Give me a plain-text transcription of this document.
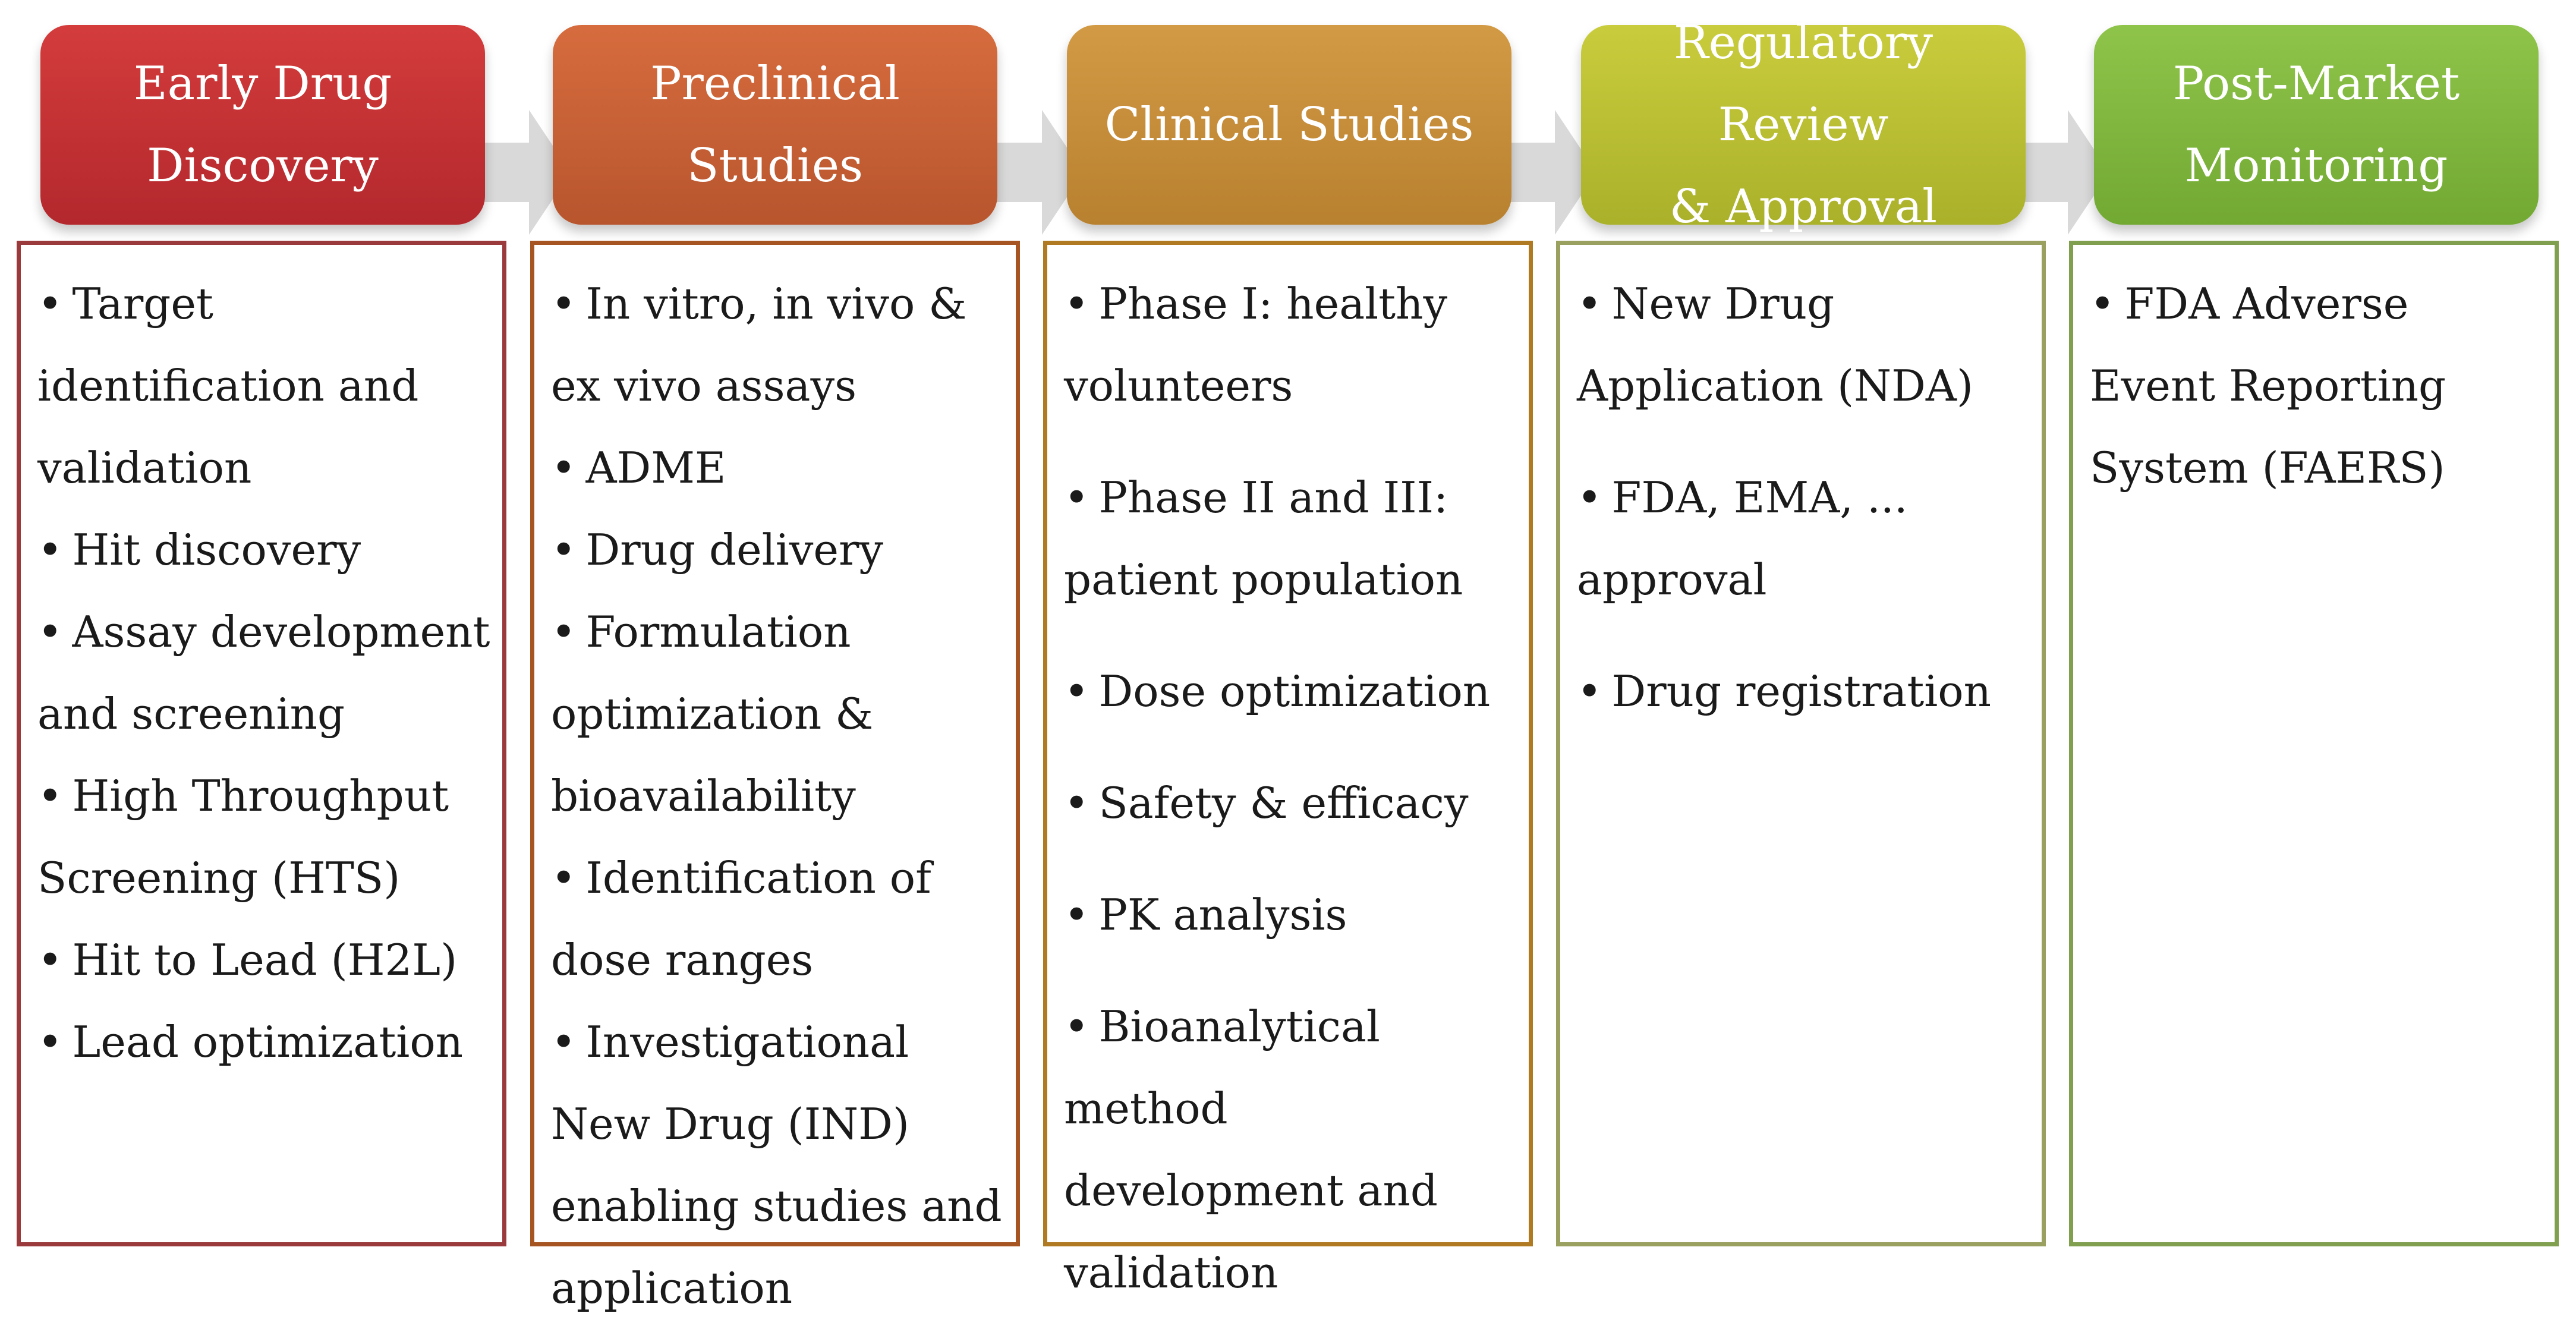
Early Drug
Discovery
• Target identification and validation
• Hit discovery
• Assay development and screening
• High Throughput Screening (HTS)
• Hit to Lead (H2L)
• Lead optimization
Preclinical
Studies
• In vitro, in vivo & ex vivo assays
• ADME
• Drug delivery
• Formulation optimization & bioavailability
• Identification of dose ranges
• Investigational New Drug (IND) enabling studies and application
Clinical Studies
• Phase I: healthy volunteers
• Phase II and III: patient population
• Dose optimization
• Safety & efficacy
• PK analysis
• Bioanalytical method development and validation
Regulatory Review
& Approval
• New Drug Application (NDA)
• FDA, EMA, ... approval
• Drug registration
Post-Market
Monitoring
• FDA Adverse Event Reporting System (FAERS)
